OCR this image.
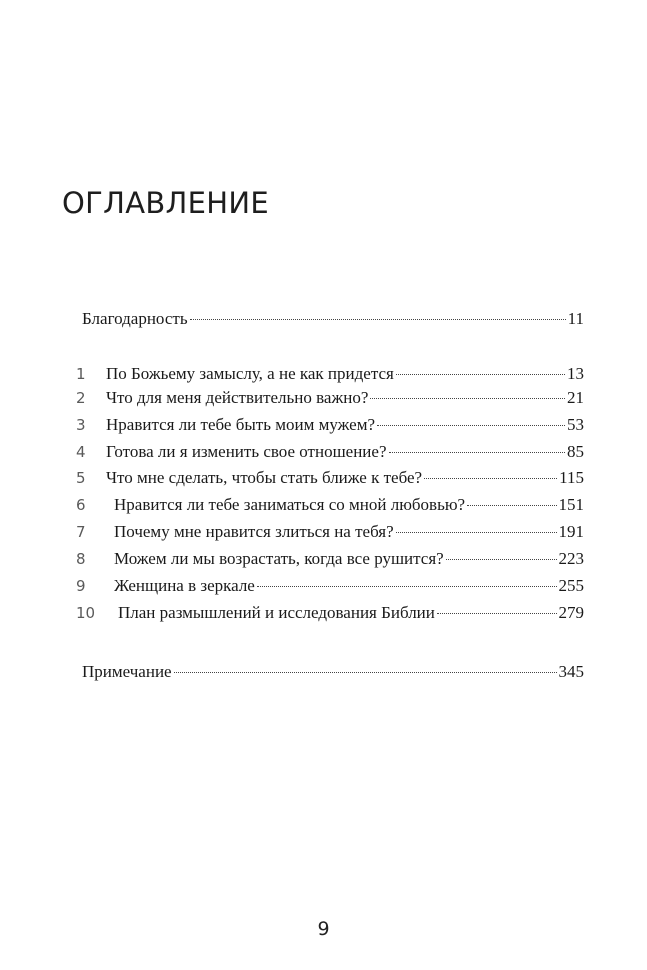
ОГЛАВЛЕНИЕ
Благодарность	11
1 По Божьему замыслу, а не как придется	13
2 Что для меня действительно важно?	21
3 Нравится ли тебе быть моим мужем?	53
4 Готова ли я изменить свое отношение?	85
5 Что мне сделать, чтобы стать ближе к тебе?	115
6 Нравится ли тебе заниматься со мной любовью?	151
7 Почему мне нравится злиться на тебя?	191
8 Можем ли мы возрастать, когда все рушится?	223
9 Женщина в зеркале	255
10 План размышлений и исследования Библии	279
Примечание	345
9
